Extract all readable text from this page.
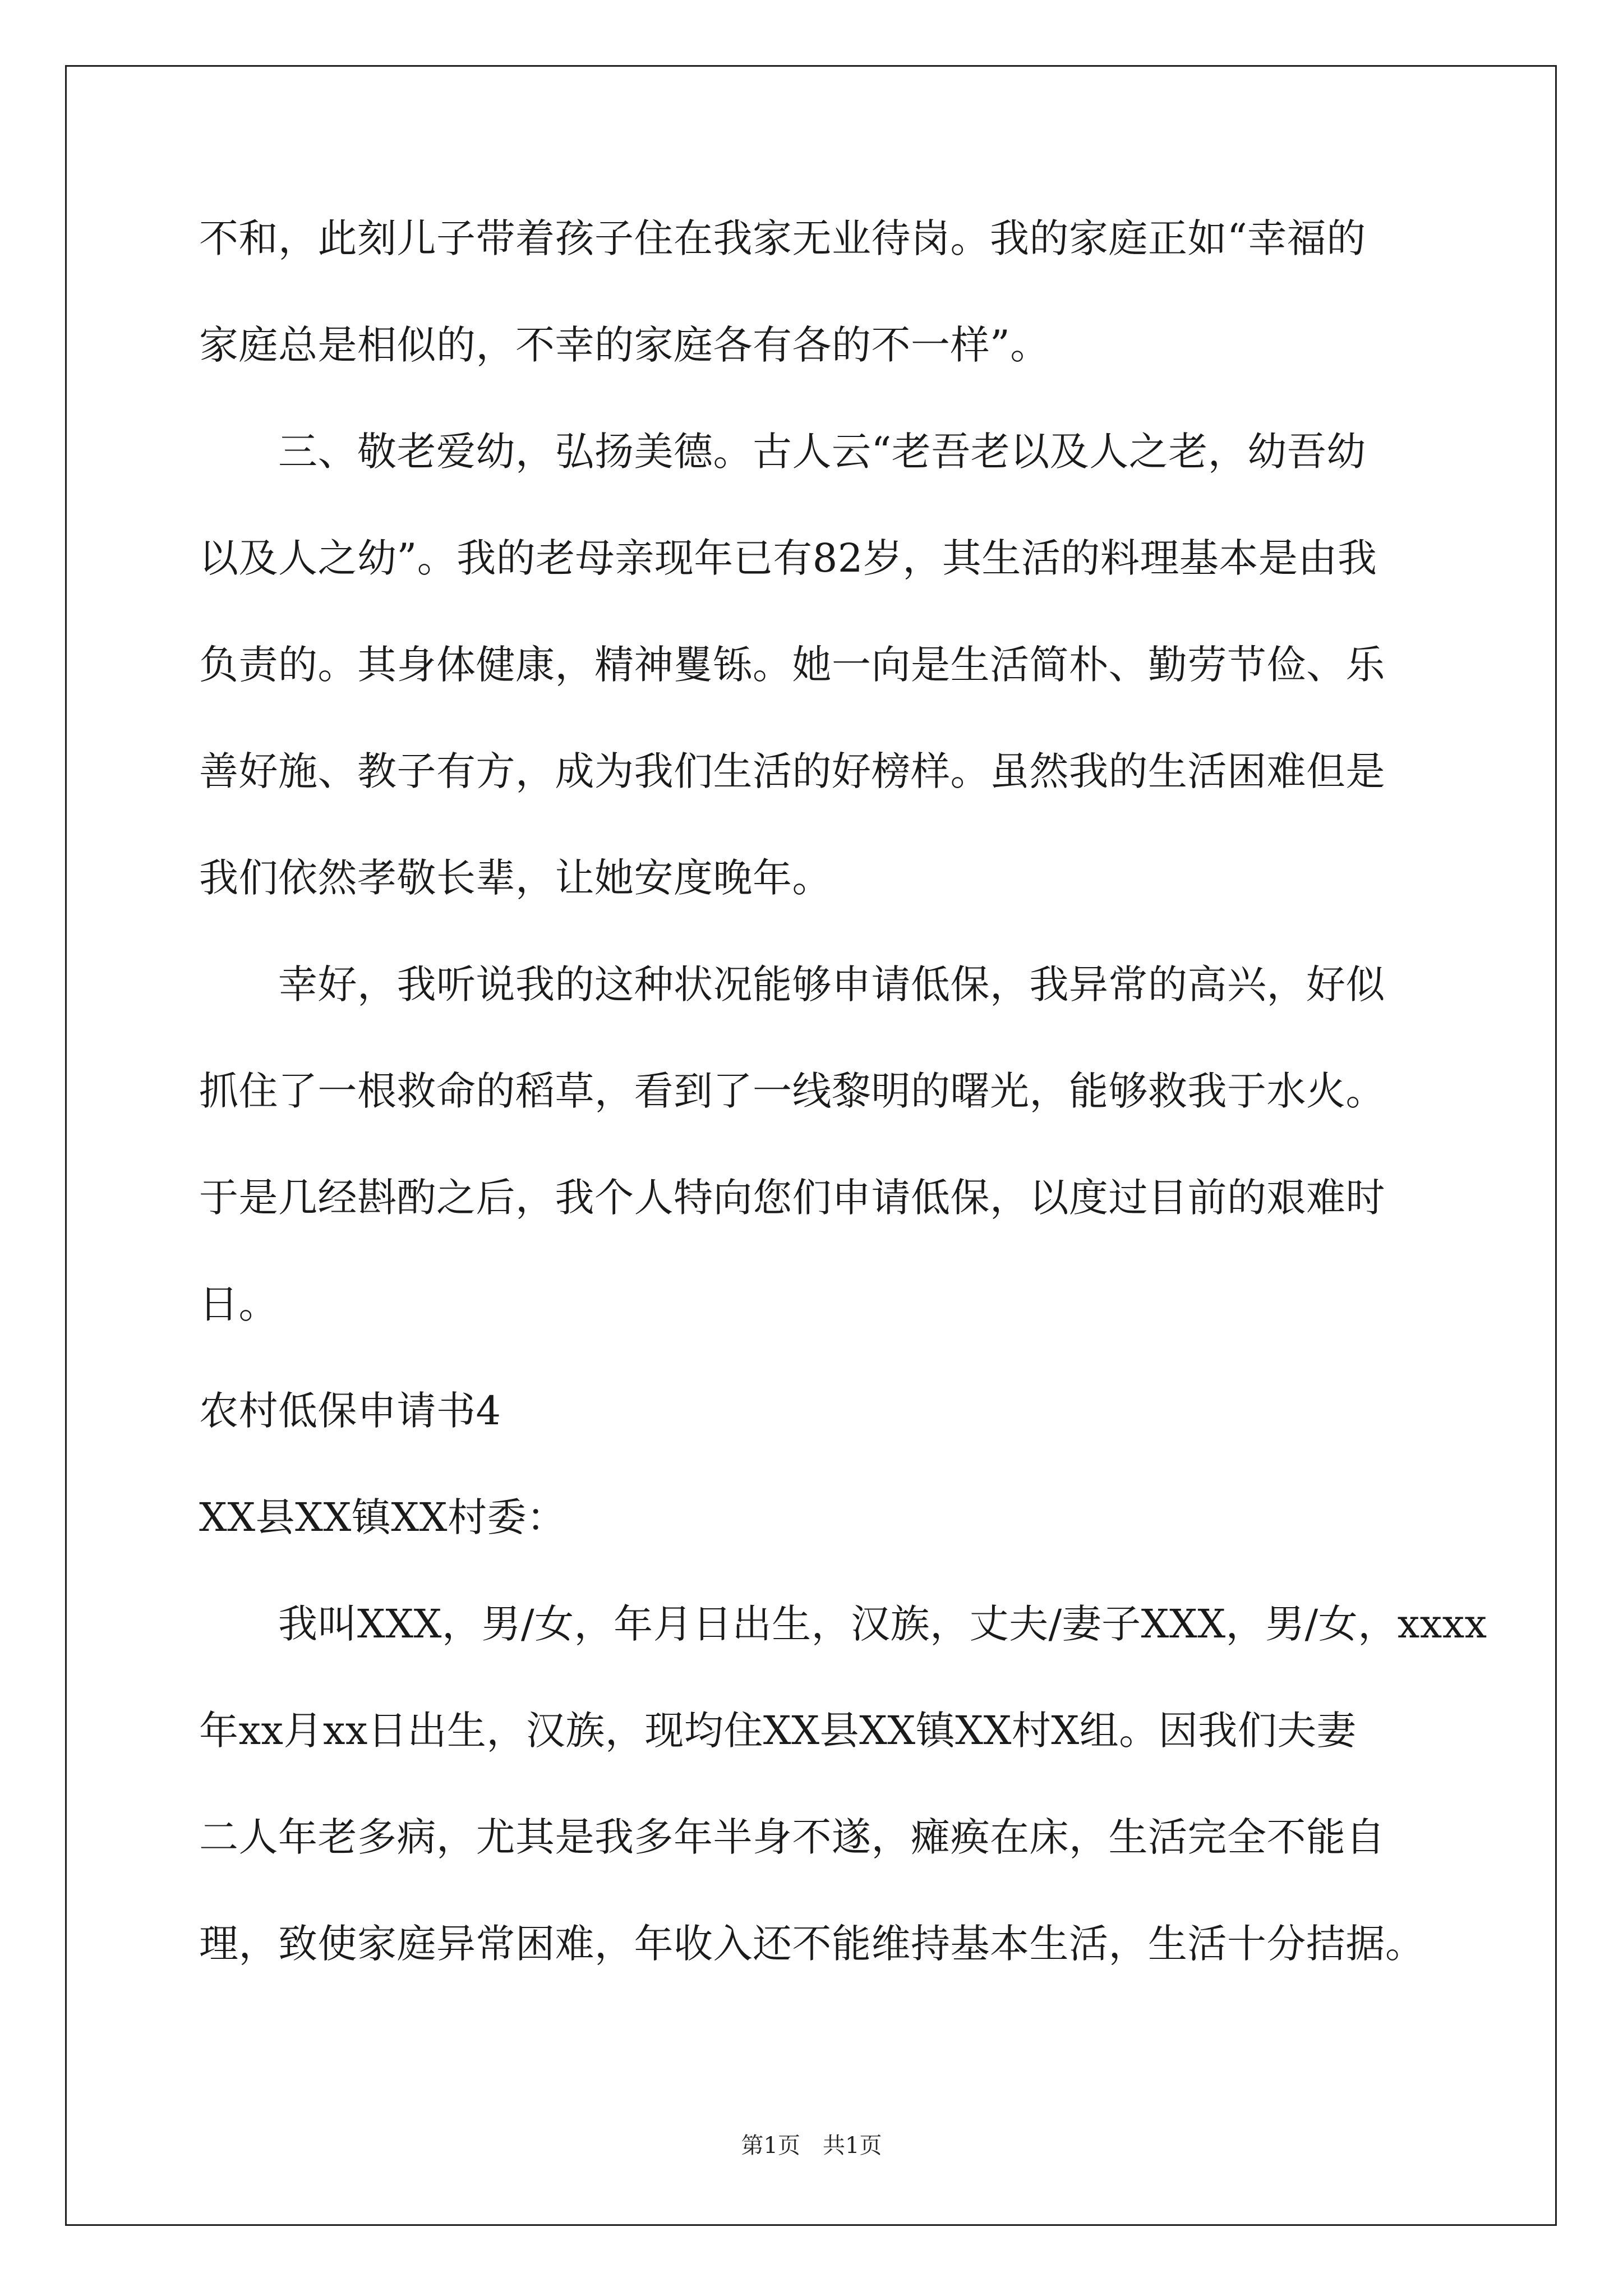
不和，此刻儿子带着孩子住在我家无业待岗。我的家庭正如“幸福的
家庭总是相似的，不幸的家庭各有各的不一样”。
　　三、敬老爱幼，弘扬美德。古人云“老吾老以及人之老，幼吾幼
以及人之幼”。我的老母亲现年已有82岁，其生活的料理基本是由我
负责的。其身体健康，精神矍铄。她一向是生活简朴、勤劳节俭、乐
善好施、教子有方，成为我们生活的好榜样。虽然我的生活困难但是
我们依然孝敬长辈，让她安度晚年。
　　幸好，我听说我的这种状况能够申请低保，我异常的高兴，好似
抓住了一根救命的稻草，看到了一线黎明的曙光，能够救我于水火。
于是几经斟酌之后，我个人特向您们申请低保，以度过目前的艰难时
日。
农村低保申请书4
XX县XX镇XX村委：
　　我叫XXX，男/女，年月日出生，汉族，丈夫/妻子XXX，男/女，xxxx
年xx月xx日出生，汉族，现均住XX县XX镇XX村X组。因我们夫妻
二人年老多病，尤其是我多年半身不遂，瘫痪在床，生活完全不能自
理，致使家庭异常困难，年收入还不能维持基本生活，生活十分拮据。
第1页　共1页
